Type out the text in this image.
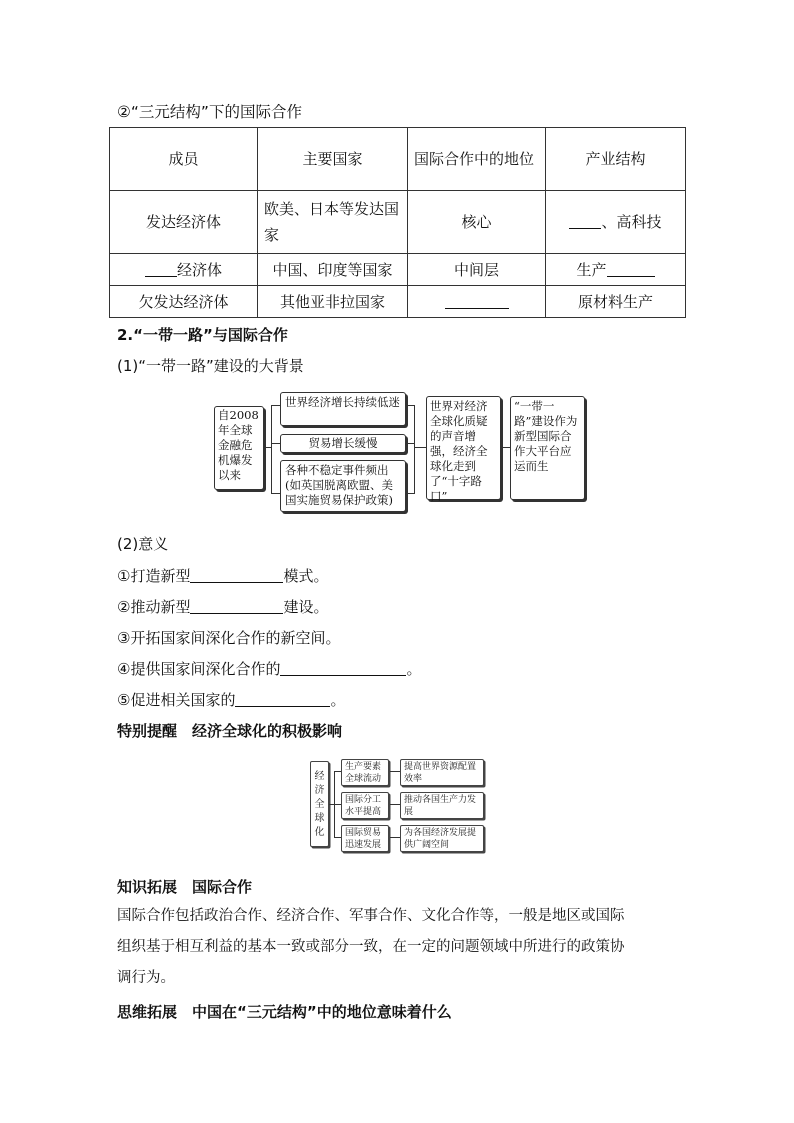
②“三元结构”下的国际合作
成员	主要国家	国际合作中的地位	产业结构
发达经济体	欧美、日本等发达国家	核心	、高科技
经济体	中国、印度等国家	中间层	生产
欠发达经济体	其他亚非拉国家		原材料生产
2.“一带一路”与国际合作
(1)“一带一路”建设的大背景
自2008年全球金融危机爆发以来
世界经济增长持续低迷
贸易增长缓慢
各种不稳定事件频出(如英国脱离欧盟、美国实施贸易保护政策)
世界对经济全球化质疑的声音增强，经济全球化走到了“十字路口”
“一带一路”建设作为新型国际合作大平台应运而生
(2)意义
①打造新型	模式。
②推动新型	建设。
③开拓国家间深化合作的新空间。
④提供国家间深化合作的	。
⑤促进相关国家的	。
特别提醒　经济全球化的积极影响
经济全球化
生产要素全球流动
国际分工水平提高
国际贸易迅速发展
提高世界资源配置效率
推动各国生产力发展
为各国经济发展提供广阔空间
知识拓展　国际合作
国际合作包括政治合作、经济合作、军事合作、文化合作等，一般是地区或国际
组织基于相互利益的基本一致或部分一致，在一定的问题领域中所进行的政策协
调行为。
思维拓展　中国在“三元结构”中的地位意味着什么
